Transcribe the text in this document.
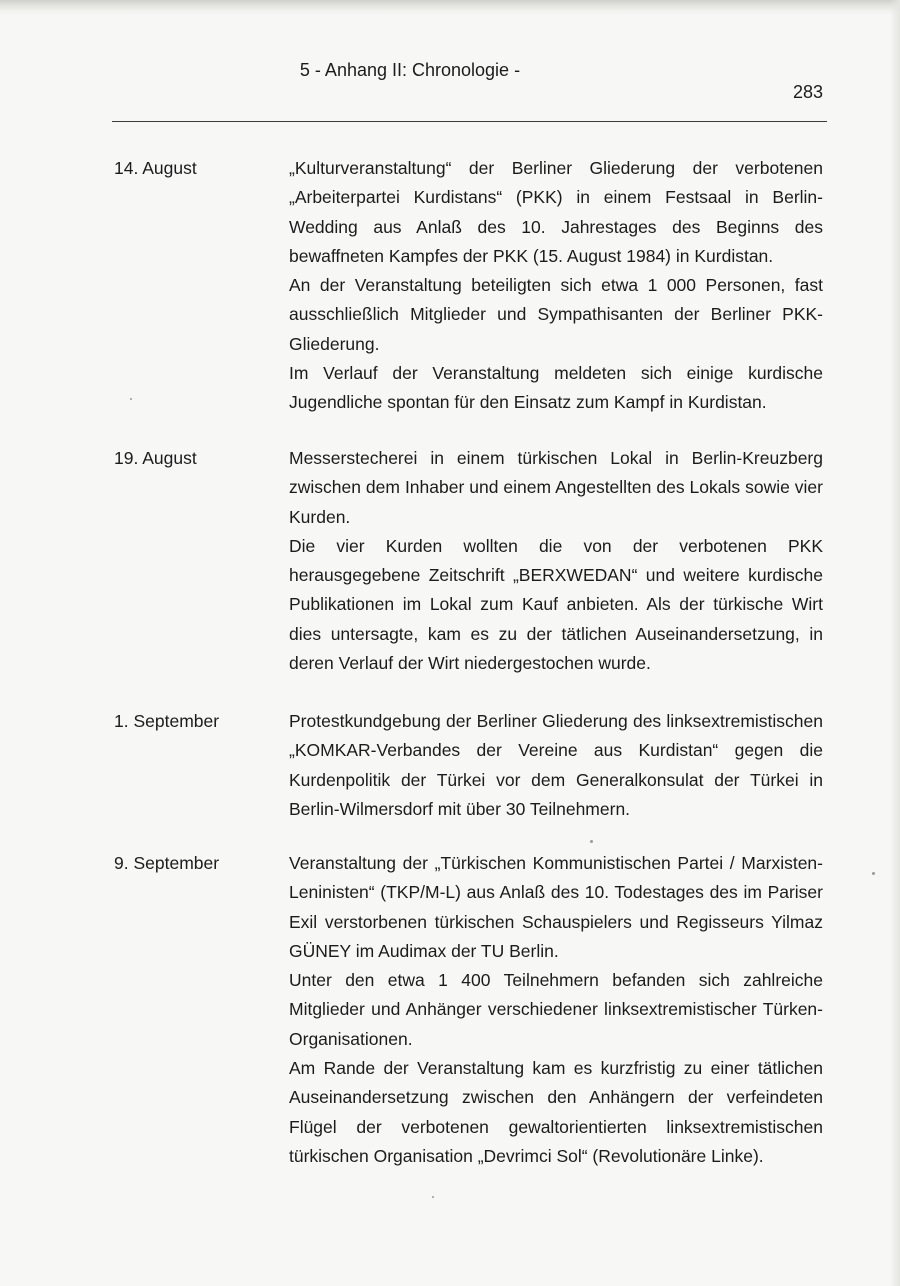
5 - Anhang II: Chronologie -
283
14. August	„Kulturveranstaltung“ der Berliner Gliederung der verbotenen „Arbeiterpartei Kurdistans“ (PKK) in einem Festsaal in Berlin-Wedding aus Anlaß des 10. Jahrestages des Beginns des bewaffneten Kampfes der PKK (15. August 1984) in Kurdistan.

An der Veranstaltung beteiligten sich etwa 1 000 Personen, fast ausschließlich Mitglieder und Sympathisanten der Berliner PKK-Gliederung.

Im Verlauf der Veranstaltung meldeten sich einige kurdische Jugendliche spontan für den Einsatz zum Kampf in Kurdistan.

19. August	Messerstecherei in einem türkischen Lokal in Berlin-Kreuzberg zwischen dem Inhaber und einem Angestellten des Lokals sowie vier Kurden.

Die vier Kurden wollten die von der verbotenen PKK herausgegebene Zeitschrift „BERXWEDAN“ und weitere kurdische Publikationen im Lokal zum Kauf anbieten. Als der türkische Wirt dies untersagte, kam es zu der tätlichen Auseinandersetzung, in deren Verlauf der Wirt niedergestochen wurde.

1. September	Protestkundgebung der Berliner Gliederung des linksextremistischen „KOMKAR-Verbandes der Vereine aus Kurdistan“ gegen die Kurdenpolitik der Türkei vor dem Generalkonsulat der Türkei in Berlin-Wilmersdorf mit über 30 Teilnehmern.

9. September	Veranstaltung der „Türkischen Kommunistischen Partei / Marxisten-Leninisten“ (TKP/M-L) aus Anlaß des 10. Todestages des im Pariser Exil verstorbenen türkischen Schauspielers und Regisseurs Yilmaz GÜNEY im Audimax der TU Berlin.

Unter den etwa 1 400 Teilnehmern befanden sich zahlreiche Mitglieder und Anhänger verschiedener linksextremistischer Türken-Organisationen.

Am Rande der Veranstaltung kam es kurzfristig zu einer tätlichen Auseinandersetzung zwischen den Anhängern der verfeindeten Flügel der verbotenen gewaltorientierten linksextremistischen türkischen Organisation „Devrimci Sol“ (Revolutionäre Linke).
